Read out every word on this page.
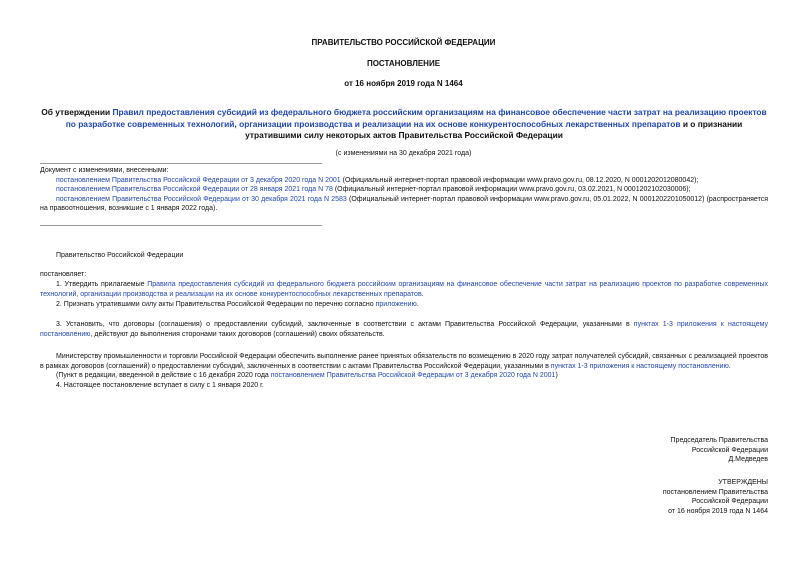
ПРАВИТЕЛЬСТВО РОССИЙСКОЙ ФЕДЕРАЦИИ
ПОСТАНОВЛЕНИЕ
от 16 ноября 2019 года N 1464
Об утверждении Правил предоставления субсидий из федерального бюджета российским организациям на финансовое обеспечение части затрат на реализацию проектов по разработке современных технологий, организации производства и реализации на их основе конкурентоспособных лекарственных препаратов и о признании утратившими силу некоторых актов Правительства Российской Федерации
(с изменениями на 30 декабря 2021 года)
Документ с изменениями, внесенными:
постановлением Правительства Российской Федерации от 3 декабря 2020 года N 2001 (Официальный интернет-портал правовой информации www.pravo.gov.ru, 08.12.2020, N 0001202012080042);
постановлением Правительства Российской Федерации от 28 января 2021 года N 78 (Официальный интернет-портал правовой информации www.pravo.gov.ru, 03.02.2021, N 0001202102030006);
постановлением Правительства Российской Федерации от 30 декабря 2021 года N 2583 (Официальный интернет-портал правовой информации www.pravo.gov.ru, 05.01.2022, N 0001202201050012) (распространяется на правоотношения, возникшие с 1 января 2022 года).
Правительство Российской Федерации
постановляет:

1. Утвердить прилагаемые Правила предоставления субсидий из федерального бюджета российским организациям на финансовое обеспечение части затрат на реализацию проектов по разработке современных технологий, организации производства и реализации на их основе конкурентоспособных лекарственных препаратов.

2. Признать утратившими силу акты Правительства Российской Федерации по перечню согласно приложению.

3. Установить, что договоры (соглашения) о предоставлении субсидий, заключенные в соответствии с актами Правительства Российской Федерации, указанными в пунктах 1-3 приложения к настоящему постановлению, действуют до выполнения сторонами таких договоров (соглашений) своих обязательств.

Министерству промышленности и торговли Российской Федерации обеспечить выполнение ранее принятых обязательств по возмещению в 2020 году затрат получателей субсидий, связанных с реализацией проектов в рамках договоров (соглашений) о предоставлении субсидий, заключенных в соответствии с актами Правительства Российской Федерации, указанными в пунктах 1-3 приложения к настоящему постановлению.

(Пункт в редакции, введенной в действие с 16 декабря 2020 года постановлением Правительства Российской Федерации от 3 декабря 2020 года N 2001)

4. Настоящее постановление вступает в силу с 1 января 2020 г.

Председатель Правительства
Российской Федерации
Д.Медведев
УТВЕРЖДЕНЫ
постановлением Правительства
Российской Федерации
от 16 ноября 2019 года N 1464
